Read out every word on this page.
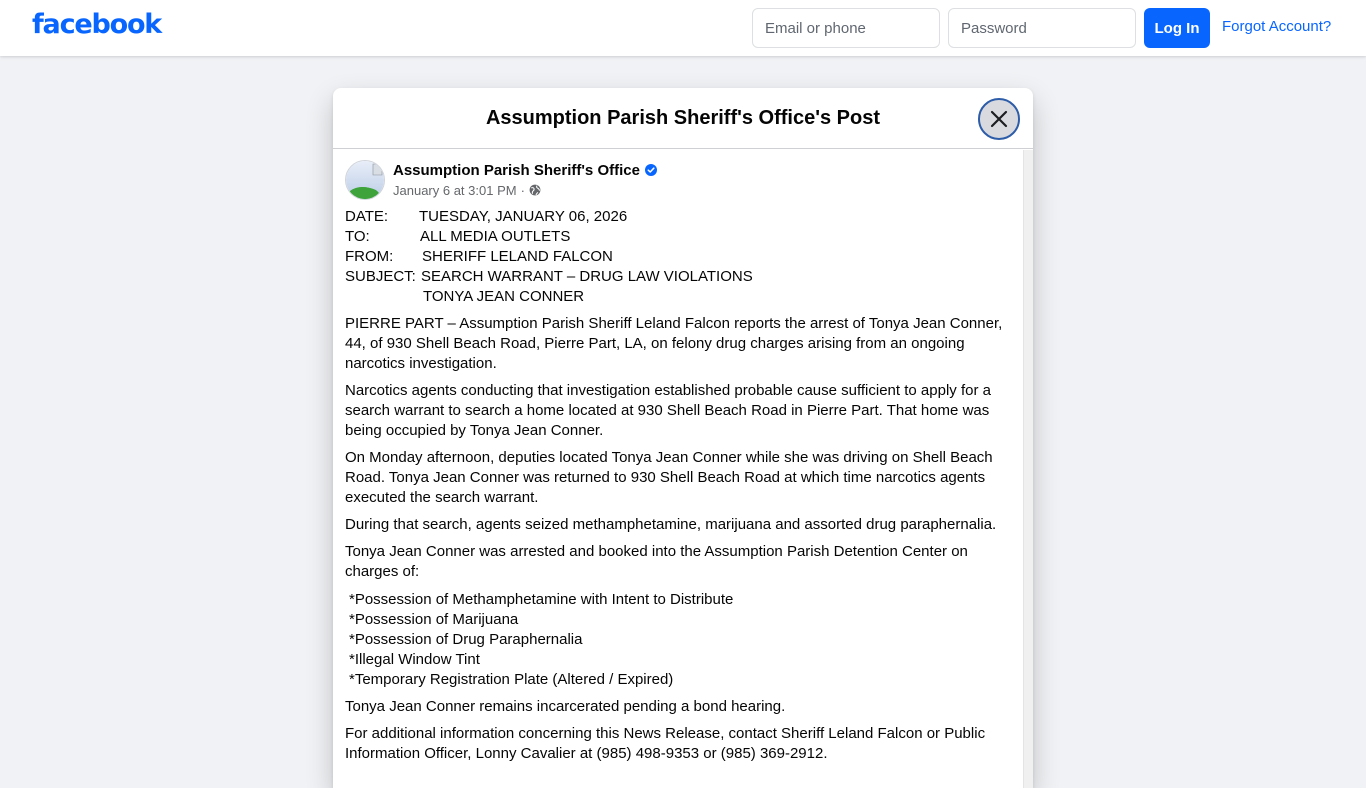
facebook
Email or phone	Log In	Forgot Account?
Assumption Parish Sheriff's Office's Post
Assumption Parish Sheriff's Office
January 6 at 3:01 PM ·
DATE:	TUESDAY, JANUARY 06, 2026
TO:	ALL MEDIA OUTLETS
FROM:	SHERIFF LELAND FALCON
SUBJECT: SEARCH WARRANT – DRUG LAW VIOLATIONS
TONYA JEAN CONNER

PIERRE PART – Assumption Parish Sheriff Leland Falcon reports the arrest of Tonya Jean Conner, 44, of 930 Shell Beach Road, Pierre Part, LA, on felony drug charges arising from an ongoing narcotics investigation.

Narcotics agents conducting that investigation established probable cause sufficient to apply for a search warrant to search a home located at 930 Shell Beach Road in Pierre Part. That home was being occupied by Tonya Jean Conner.

On Monday afternoon, deputies located Tonya Jean Conner while she was driving on Shell Beach Road. Tonya Jean Conner was returned to 930 Shell Beach Road at which time narcotics agents executed the search warrant.

During that search, agents seized methamphetamine, marijuana and assorted drug paraphernalia.

Tonya Jean Conner was arrested and booked into the Assumption Parish Detention Center on charges of:

*Possession of Methamphetamine with Intent to Distribute
*Possession of Marijuana
*Possession of Drug Paraphernalia
*Illegal Window Tint
*Temporary Registration Plate (Altered / Expired)

Tonya Jean Conner remains incarcerated pending a bond hearing.

For additional information concerning this News Release, contact Sheriff Leland Falcon or Public Information Officer, Lonny Cavalier at (985) 498-9353 or (985) 369-2912.
